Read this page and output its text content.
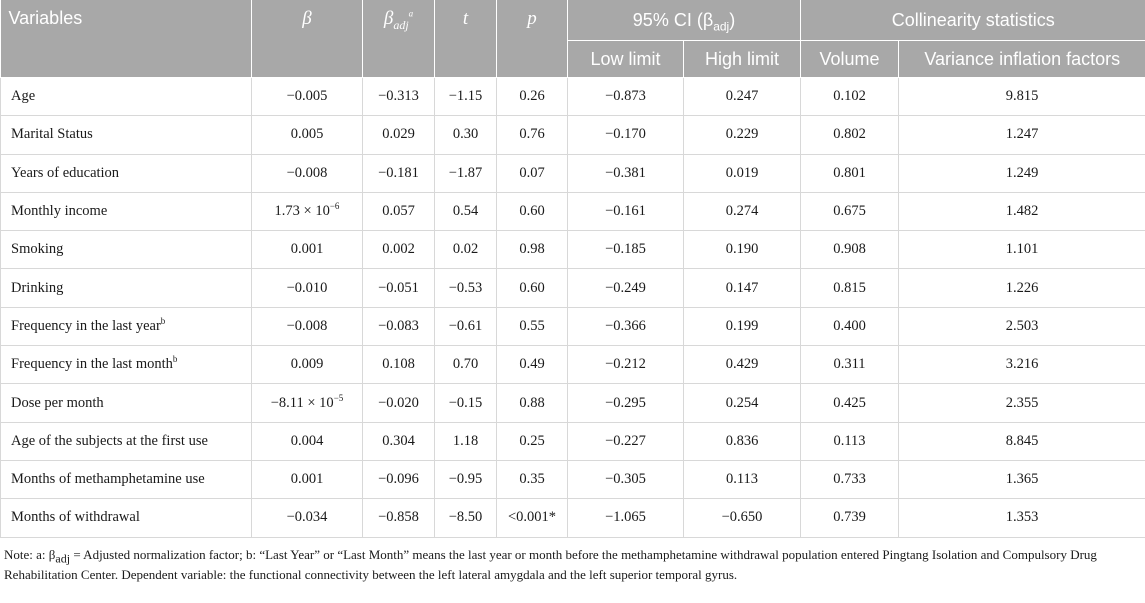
Variables	β	$\beta_{adj}^a$	t	p	95% CI $(\beta_{adj})$		Collinearity statistics	
					Low limit	High limit	Volume	Variance inflation factors
Age	−0.005	−0.313	−1.15	0.26	−0.873	0.247	0.102	9.815
Marital Status	0.005	0.029	0.30	0.76	−0.170	0.229	0.802	1.247
Years of education	−0.008	−0.181	−1.87	0.07	−0.381	0.019	0.801	1.249
Monthly income	$1.73 \times 10^{-6}$	0.057	0.54	0.60	−0.161	0.274	0.675	1.482
Smoking	0.001	0.002	0.02	0.98	−0.185	0.190	0.908	1.101
Drinking	−0.010	−0.051	−0.53	0.60	−0.249	0.147	0.815	1.226
Frequency in the last year$^b$	−0.008	−0.083	−0.61	0.55	−0.366	0.199	0.400	2.503
Frequency in the last month$^b$	0.009	0.108	0.70	0.49	−0.212	0.429	0.311	3.216
Dose per month	$-8.11 \times 10^{-5}$	−0.020	−0.15	0.88	−0.295	0.254	0.425	2.355
Age of the subjects at the first use	0.004	0.304	1.18	0.25	−0.227	0.836	0.113	8.845
Months of methamphetamine use	0.001	−0.096	−0.95	0.35	−0.305	0.113	0.733	1.365
Months of withdrawal	−0.034	−0.858	−8.50	<0.001*	−1.065	−0.650	0.739	1.353
Note: a: $\beta_{adj}$ = Adjusted normalization factor; b: “Last Year” or “Last Month” means the last year or month before the methamphetamine withdrawal population entered Pingtang Isolation and Compulsory Drug Rehabilitation Center. Dependent variable: the functional connectivity between the left lateral amygdala and the left superior temporal gyrus.
